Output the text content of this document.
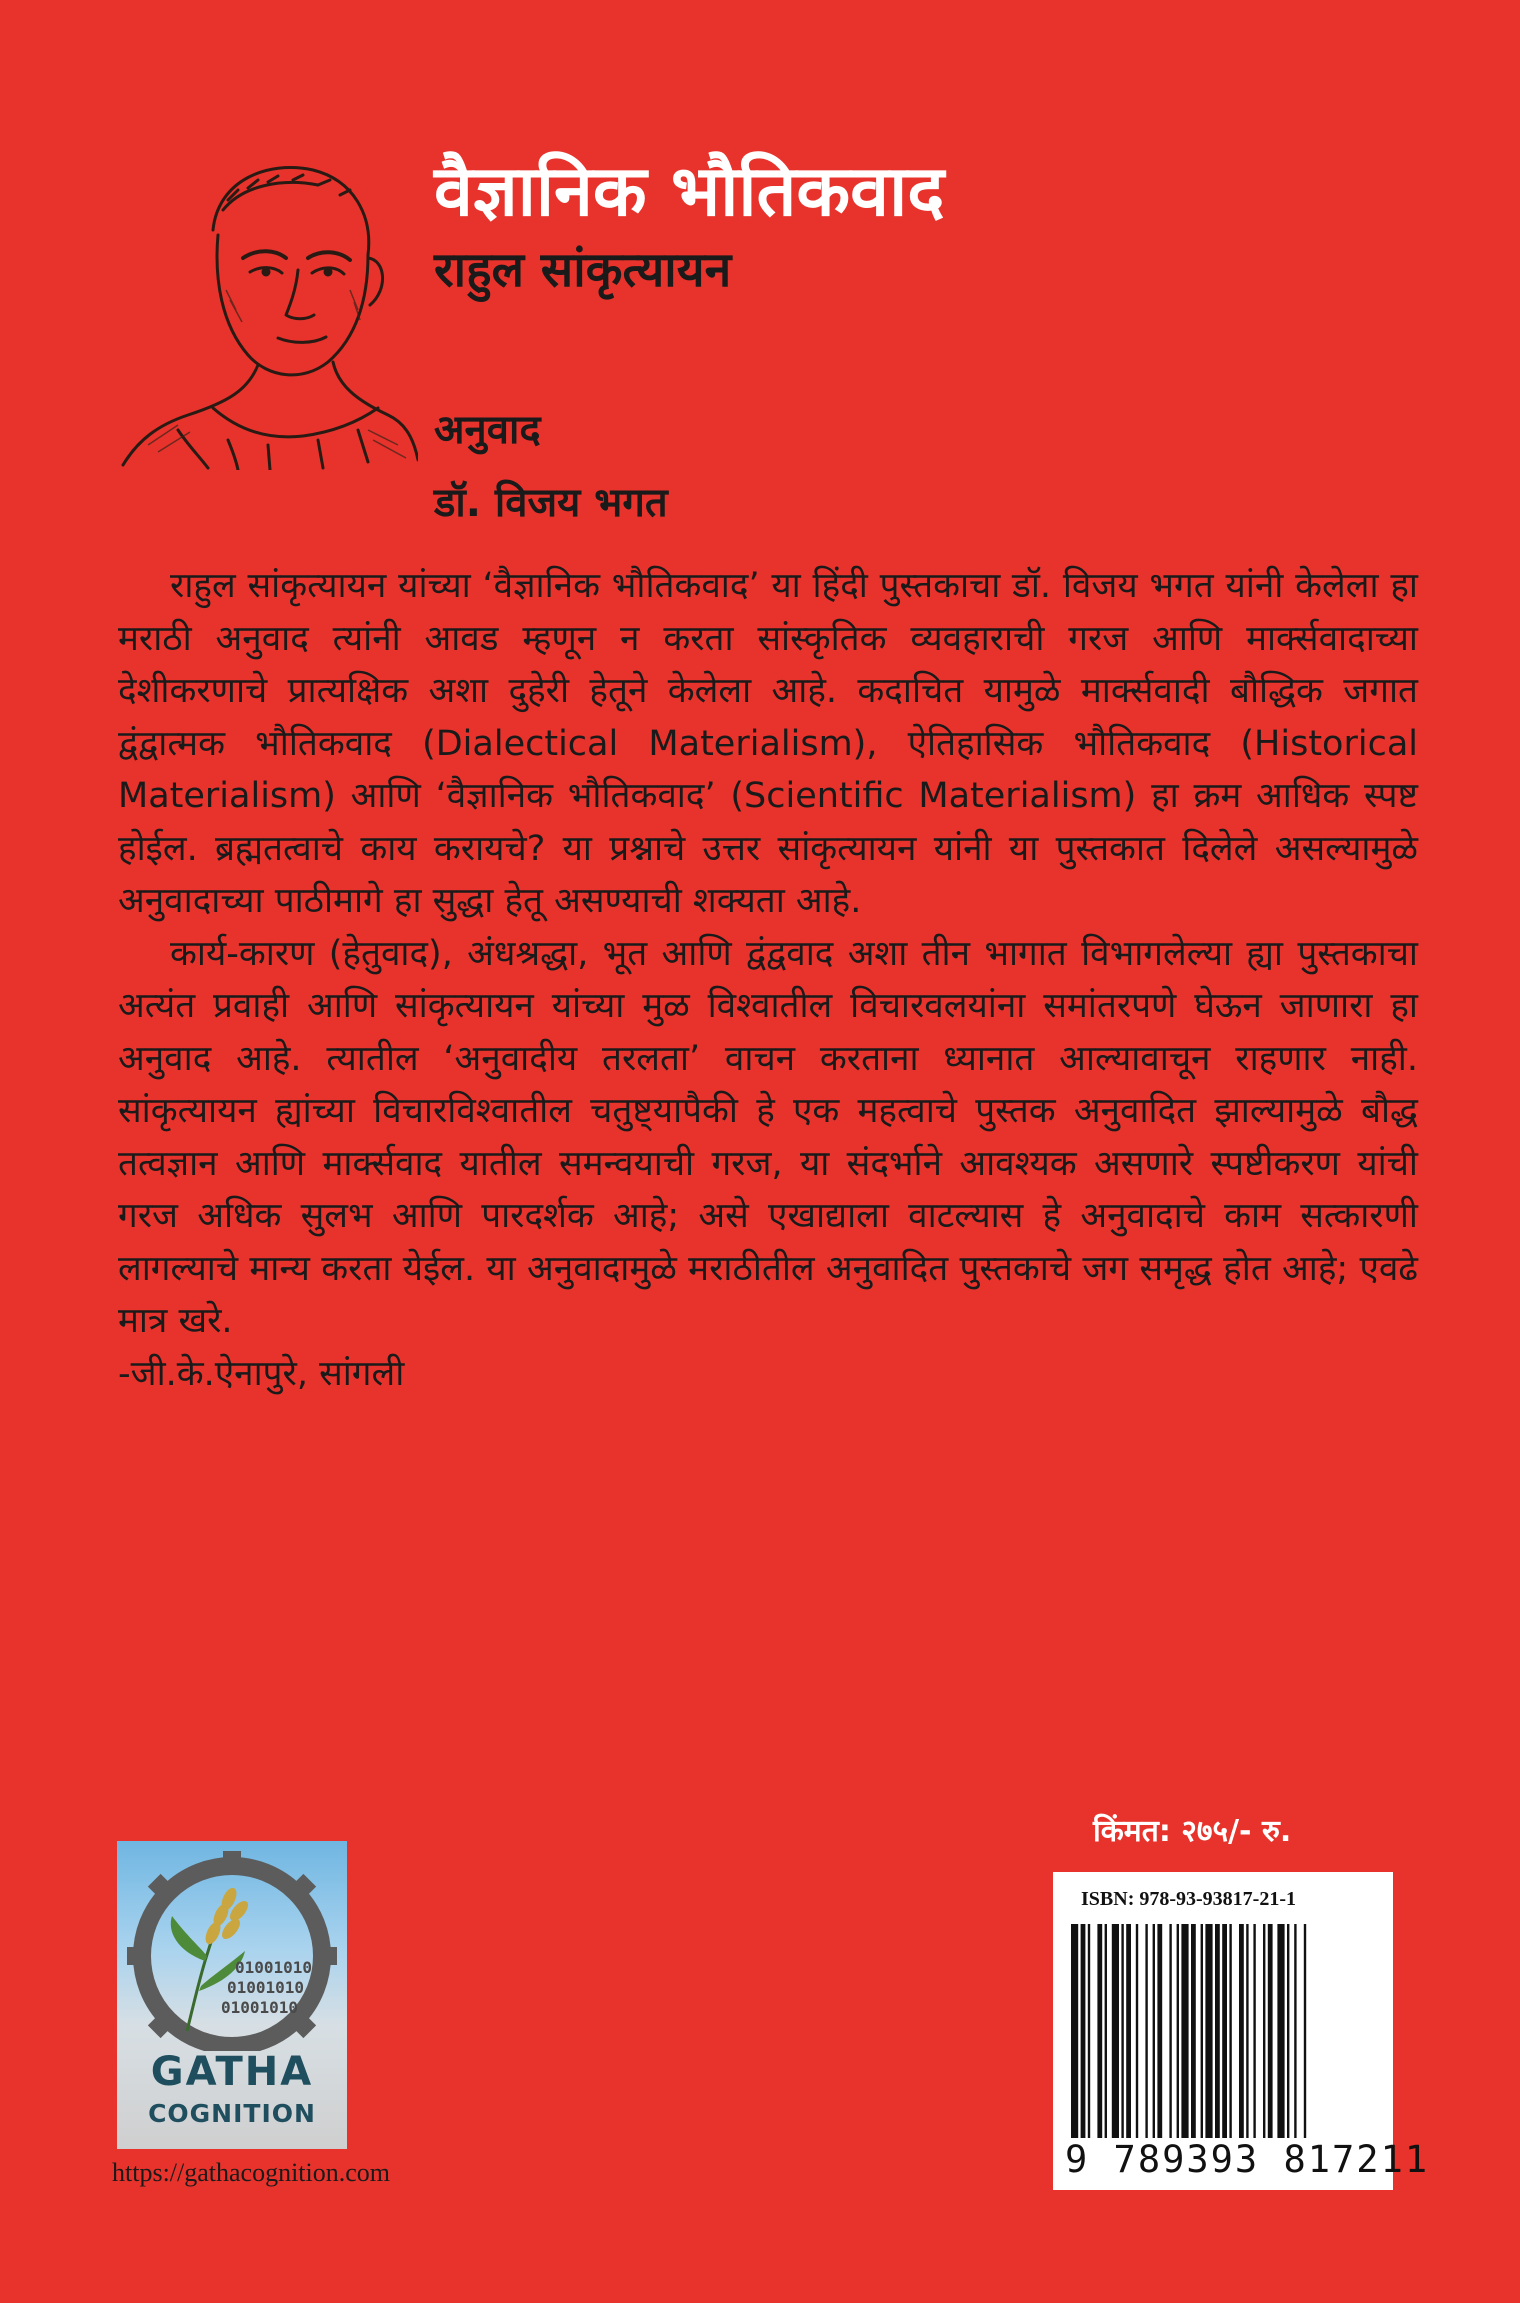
वैज्ञानिक भौतिकवाद
राहुल सांकृत्यायन
अनुवाद
डॉ. विजय भगत

राहुल सांकृत्यायन यांच्या ‘वैज्ञानिक भौतिकवाद’ या हिंदी पुस्तकाचा डॉ. विजय भगत यांनी केलेला हा मराठी अनुवाद त्यांनी आवड म्हणून न करता सांस्कृतिक व्यवहाराची गरज आणि मार्क्सवादाच्या देशीकरणाचे प्रात्यक्षिक अशा दुहेरी हेतूने केलेला आहे. कदाचित यामुळे मार्क्सवादी बौद्धिक जगात द्वंद्वात्मक भौतिकवाद (Dialectical Materialism), ऐतिहासिक भौतिकवाद (Historical Materialism) आणि ‘वैज्ञानिक भौतिकवाद’ (Scientific Materialism) हा क्रम आधिक स्पष्ट होईल. ब्रह्मतत्वाचे काय करायचे? या प्रश्नाचे उत्तर सांकृत्यायन यांनी या पुस्तकात दिलेले असल्यामुळे अनुवादाच्या पाठीमागे हा सुद्धा हेतू असण्याची शक्यता आहे.

कार्य-कारण (हेतुवाद), अंधश्रद्धा, भूत आणि द्वंद्ववाद अशा तीन भागात विभागलेल्या ह्या पुस्तकाचा अत्यंत प्रवाही आणि सांकृत्यायन यांच्या मुळ विश्वातील विचारवलयांना समांतरपणे घेऊन जाणारा हा अनुवाद आहे. त्यातील ‘अनुवादीय तरलता’ वाचन करताना ध्यानात आल्यावाचून राहणार नाही. सांकृत्यायन ह्यांच्या विचारविश्वातील चतुष्ट्यापैकी हे एक महत्वाचे पुस्तक अनुवादित झाल्यामुळे बौद्ध तत्वज्ञान आणि मार्क्सवाद यातील समन्वयाची गरज, या संदर्भाने आवश्यक असणारे स्पष्टीकरण यांची गरज अधिक सुलभ आणि पारदर्शक आहे; असे एखाद्याला वाटल्यास हे अनुवादाचे काम सत्कारणी लागल्याचे मान्य करता येईल. या अनुवादामुळे मराठीतील अनुवादित पुस्तकाचे जग समृद्ध होत आहे; एवढे मात्र खरे.

-जी.के.ऐनापुरे, सांगली

किंमत: २७५/- रु.
ISBN: 978-93-93817-21-1
9 789393 817211
01001010
01001010
01001010
GATHA
COGNITION
https://gathacognition.com
